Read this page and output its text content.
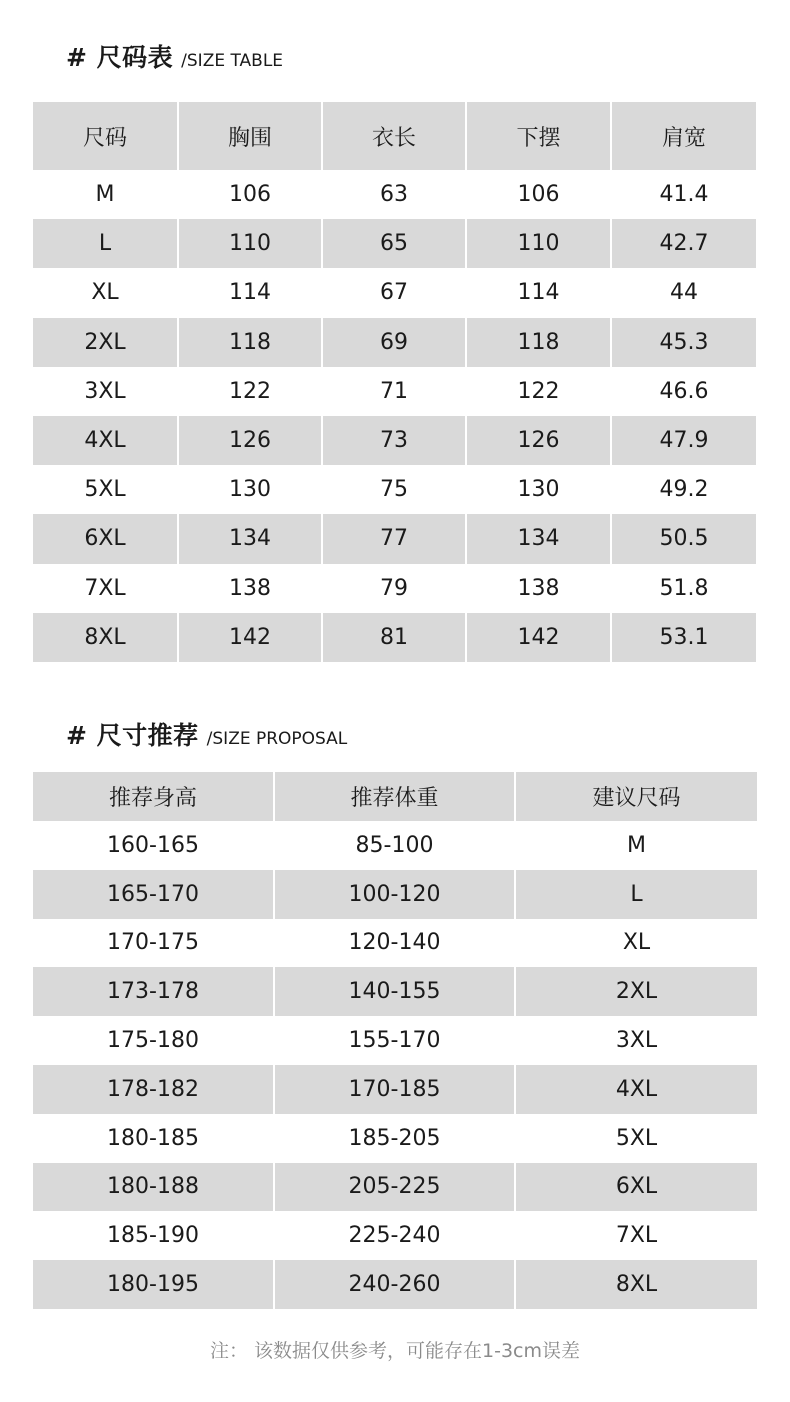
# 尺码表 /SIZE TABLE
尺码	胸围	衣长	下摆	肩宽
M	106	63	106	41.4
L	110	65	110	42.7
XL	114	67	114	44
2XL	118	69	118	45.3
3XL	122	71	122	46.6
4XL	126	73	126	47.9
5XL	130	75	130	49.2
6XL	134	77	134	50.5
7XL	138	79	138	51.8
8XL	142	81	142	53.1
# 尺寸推荐 /SIZE PROPOSAL
推荐身高	推荐体重	建议尺码
160-165	85-100	M
165-170	100-120	L
170-175	120-140	XL
173-178	140-155	2XL
175-180	155-170	3XL
178-182	170-185	4XL
180-185	185-205	5XL
180-188	205-225	6XL
185-190	225-240	7XL
180-195	240-260	8XL
注： 该数据仅供参考，可能存在1-3cm误差
